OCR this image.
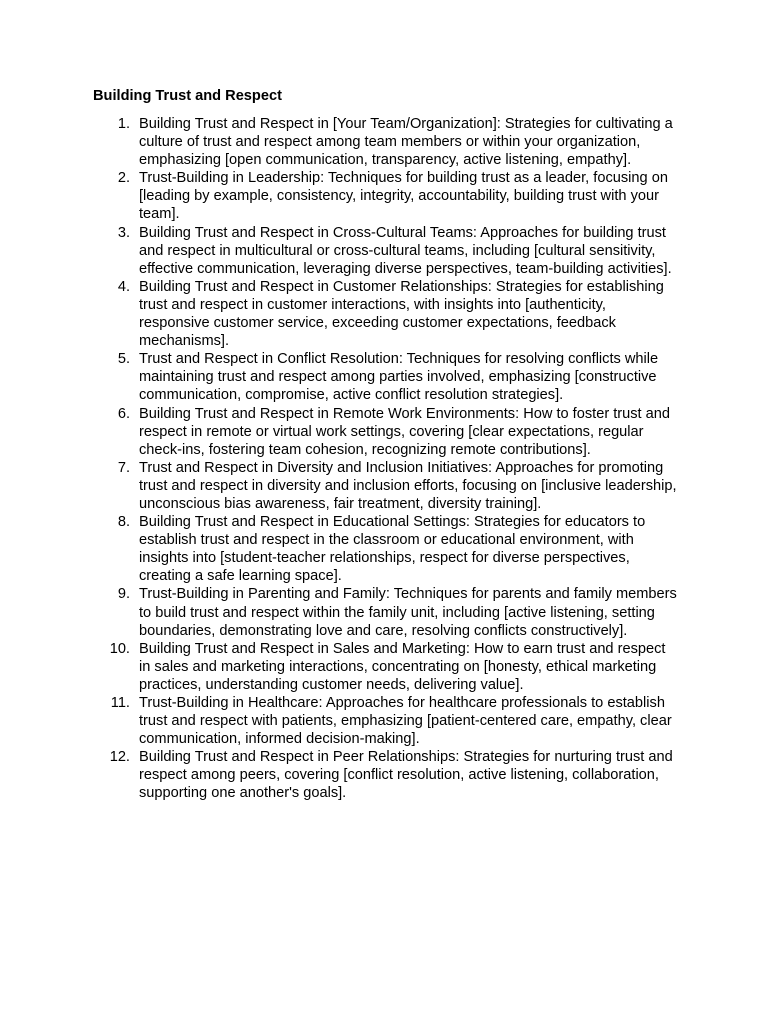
Building Trust and Respect
1. Building Trust and Respect in [Your Team/Organization]: Strategies for cultivating a culture of trust and respect among team members or within your organization, emphasizing [open communication, transparency, active listening, empathy].
2. Trust-Building in Leadership: Techniques for building trust as a leader, focusing on [leading by example, consistency, integrity, accountability, building trust with your team].
3. Building Trust and Respect in Cross-Cultural Teams: Approaches for building trust and respect in multicultural or cross-cultural teams, including [cultural sensitivity, effective communication, leveraging diverse perspectives, team-building activities].
4. Building Trust and Respect in Customer Relationships: Strategies for establishing trust and respect in customer interactions, with insights into [authenticity, responsive customer service, exceeding customer expectations, feedback mechanisms].
5. Trust and Respect in Conflict Resolution: Techniques for resolving conflicts while maintaining trust and respect among parties involved, emphasizing [constructive communication, compromise, active conflict resolution strategies].
6. Building Trust and Respect in Remote Work Environments: How to foster trust and respect in remote or virtual work settings, covering [clear expectations, regular check-ins, fostering team cohesion, recognizing remote contributions].
7. Trust and Respect in Diversity and Inclusion Initiatives: Approaches for promoting trust and respect in diversity and inclusion efforts, focusing on [inclusive leadership, unconscious bias awareness, fair treatment, diversity training].
8. Building Trust and Respect in Educational Settings: Strategies for educators to establish trust and respect in the classroom or educational environment, with insights into [student-teacher relationships, respect for diverse perspectives, creating a safe learning space].
9. Trust-Building in Parenting and Family: Techniques for parents and family members to build trust and respect within the family unit, including [active listening, setting boundaries, demonstrating love and care, resolving conflicts constructively].
10. Building Trust and Respect in Sales and Marketing: How to earn trust and respect in sales and marketing interactions, concentrating on [honesty, ethical marketing practices, understanding customer needs, delivering value].
11. Trust-Building in Healthcare: Approaches for healthcare professionals to establish trust and respect with patients, emphasizing [patient-centered care, empathy, clear communication, informed decision-making].
12. Building Trust and Respect in Peer Relationships: Strategies for nurturing trust and respect among peers, covering [conflict resolution, active listening, collaboration, supporting one another's goals].
